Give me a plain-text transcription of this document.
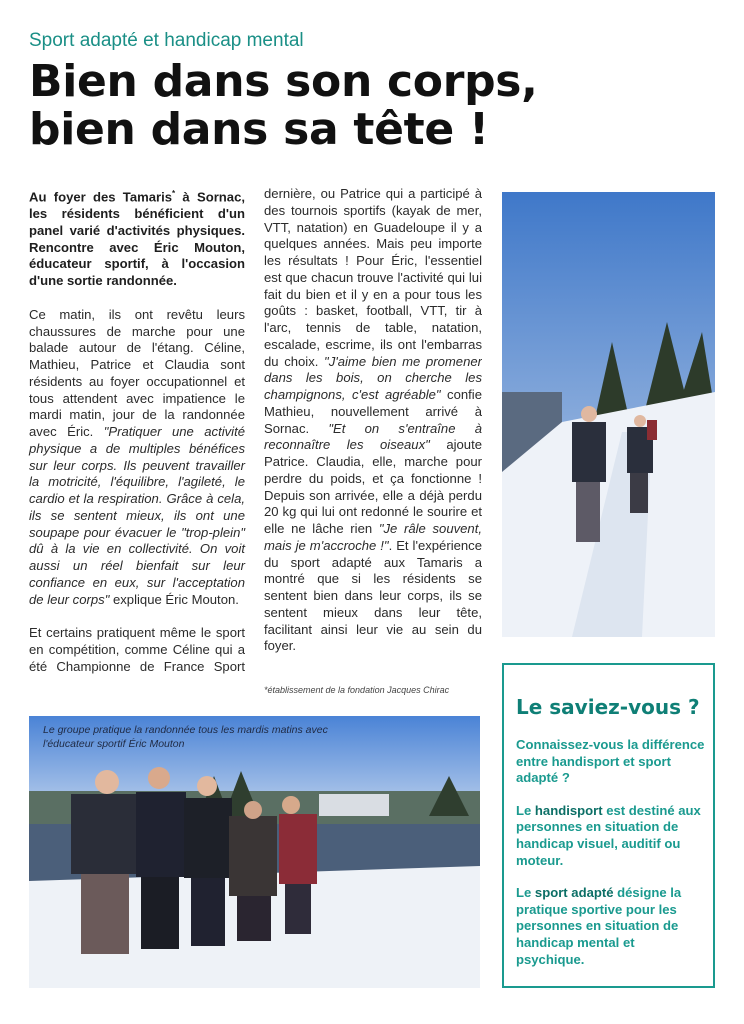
Sport adapté et handicap mental
Bien dans son corps,
bien dans sa tête !

Au foyer des Tamaris* à Sornac, les résidents bénéficient d'un panel varié d'activités physiques. Rencontre avec Éric Mouton, éducateur sportif, à l'occasion d'une sortie randonnée.

Ce matin, ils ont revêtu leurs chaussures de marche pour une balade autour de l'étang. Céline, Mathieu, Patrice et Claudia sont résidents au foyer occupationnel et tous attendent avec impatience le mardi matin, jour de la randonnée avec Éric. "Pratiquer une activité physique a de multiples bénéfices sur leur corps. Ils peuvent travailler la motricité, l'équilibre, l'agileté, le cardio et la respiration. Grâce à cela, ils se sentent mieux, ils ont une soupape pour évacuer le "trop-plein" dû à la vie en collectivité. On voit aussi un réel bienfait sur leur confiance en eux, sur l'acceptation de leur corps" explique Éric Mouton.

Et certains pratiquent même le sport en compétition, comme Céline qui a été Championne de France Sport

dernière, ou Patrice qui a participé à des tournois sportifs (kayak de mer, VTT, natation) en Guadeloupe il y a quelques années. Mais peu importe les résultats ! Pour Éric, l'essentiel est que chacun trouve l'activité qui lui fait du bien et il y en a pour tous les goûts : basket, football, VTT, tir à l'arc, tennis de table, natation, escalade, escrime, ils ont l'embarras du choix. "J'aime bien me promener dans les bois, on cherche les champignons, c'est agréable" confie Mathieu, nouvellement arrivé à Sornac. "Et on s'entraîne à reconnaître les oiseaux" ajoute Patrice. Claudia, elle, marche pour perdre du poids, et ça fonctionne ! Depuis son arrivée, elle a déjà perdu 20 kg qui lui ont redonné le sourire et elle ne lâche rien "Je râle souvent, mais je m'accroche !". Et l'expérience du sport adapté aux Tamaris a montré que si les résidents se sentent bien dans leur corps, ils se sentent mieux dans leur tête, facilitant ainsi leur vie au sein du foyer.

*établissement de la fondation Jacques Chirac
Le saviez-vous ?

Connaissez-vous la différence entre handisport et sport adapté ?

Le handisport est destiné aux personnes en situation de handicap visuel, auditif ou moteur.

Le sport adapté désigne la pratique sportive pour les personnes en situation de handicap mental et psychique.

Le groupe pratique la randonnée tous les mardis matins avec l'éducateur sportif Éric Mouton
